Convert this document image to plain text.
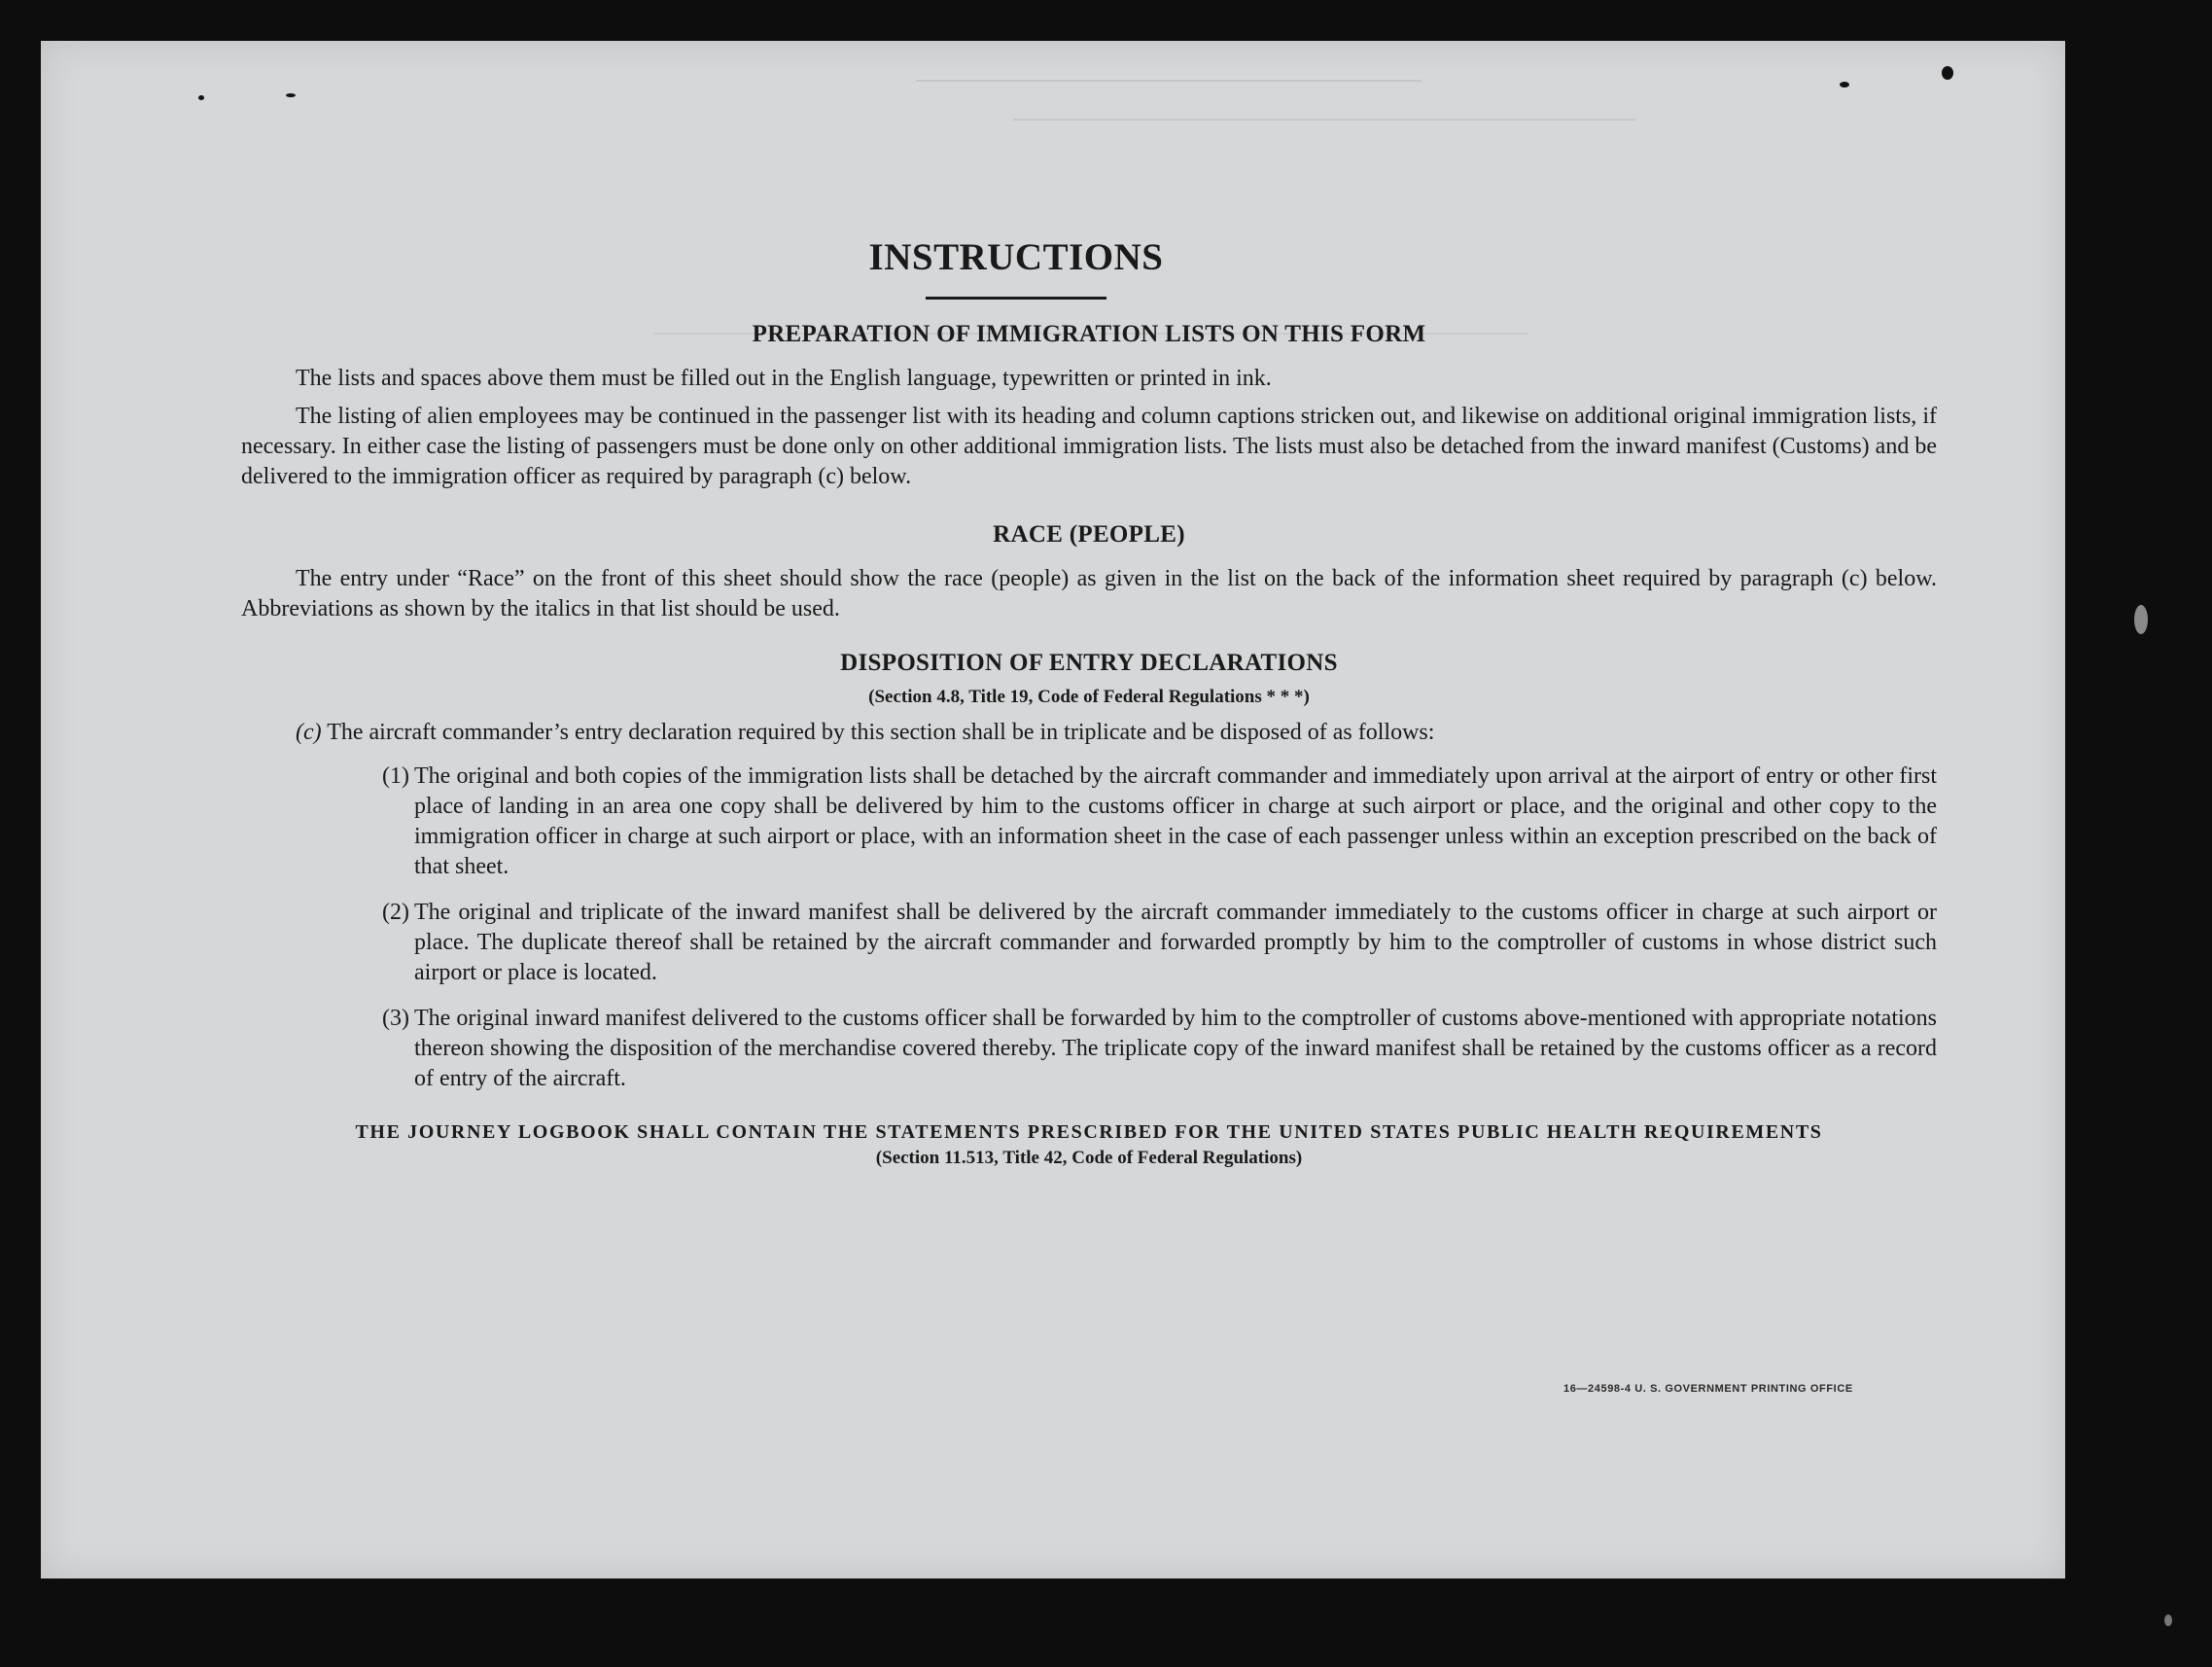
INSTRUCTIONS
PREPARATION OF IMMIGRATION LISTS ON THIS FORM

The lists and spaces above them must be filled out in the English language, typewritten or printed in ink.

The listing of alien employees may be continued in the passenger list with its heading and column captions stricken out, and likewise on additional original immigration lists, if necessary. In either case the listing of passengers must be done only on other additional immigration lists. The lists must also be detached from the inward manifest (Customs) and be delivered to the immigration officer as required by paragraph (c) below.

RACE (PEOPLE)

The entry under “Race” on the front of this sheet should show the race (people) as given in the list on the back of the information sheet required by paragraph (c) below. Abbreviations as shown by the italics in that list should be used.

DISPOSITION OF ENTRY DECLARATIONS
(Section 4.8, Title 19, Code of Federal Regulations * * *)
(c) The aircraft commander’s entry declaration required by this section shall be in triplicate and be disposed of as follows:
(1) The original and both copies of the immigration lists shall be detached by the aircraft commander and immediately upon arrival at the airport of entry or other first place of landing in an area one copy shall be delivered by him to the customs officer in charge at such airport or place, and the original and other copy to the immigration officer in charge at such airport or place, with an information sheet in the case of each passenger unless within an exception prescribed on the back of that sheet.
(2) The original and triplicate of the inward manifest shall be delivered by the aircraft commander immediately to the customs officer in charge at such airport or place. The duplicate thereof shall be retained by the aircraft commander and forwarded promptly by him to the comptroller of customs in whose district such airport or place is located.
(3) The original inward manifest delivered to the customs officer shall be forwarded by him to the comptroller of customs above-mentioned with appropriate notations thereon showing the disposition of the merchandise covered thereby. The triplicate copy of the inward manifest shall be retained by the customs officer as a record of entry of the aircraft.
THE JOURNEY LOGBOOK SHALL CONTAIN THE STATEMENTS PRESCRIBED FOR THE UNITED STATES PUBLIC HEALTH REQUIREMENTS
(Section 11.513, Title 42, Code of Federal Regulations)
16—24598-4 U. S. GOVERNMENT PRINTING OFFICE
